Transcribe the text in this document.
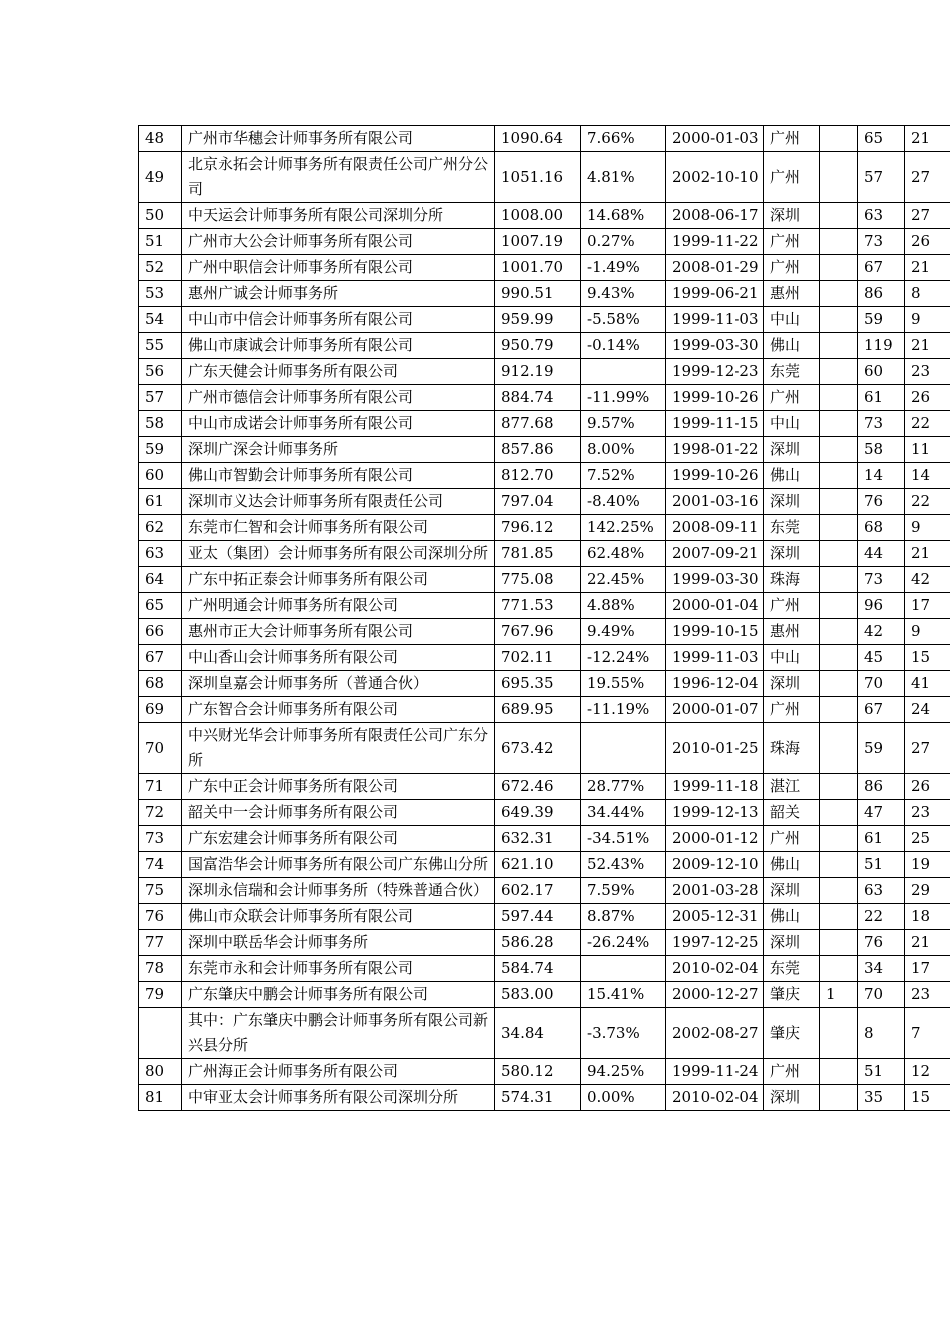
48	广州市华穗会计师事务所有限公司	1090.64	7.66%	2000-01-03	广州		65	21
49	北京永拓会计师事务所有限责任公司广州分公司	1051.16	4.81%	2002-10-10	广州		57	27
50	中天运会计师事务所有限公司深圳分所	1008.00	14.68%	2008-06-17	深圳		63	27
51	广州市大公会计师事务所有限公司	1007.19	0.27%	1999-11-22	广州		73	26
52	广州中职信会计师事务所有限公司	1001.70	-1.49%	2008-01-29	广州		67	21
53	惠州广诚会计师事务所	990.51	9.43%	1999-06-21	惠州		86	8
54	中山市中信会计师事务所有限公司	959.99	-5.58%	1999-11-03	中山		59	9
55	佛山市康诚会计师事务所有限公司	950.79	-0.14%	1999-03-30	佛山		119	21
56	广东天健会计师事务所有限公司	912.19		1999-12-23	东莞		60	23
57	广州市德信会计师事务所有限公司	884.74	-11.99%	1999-10-26	广州		61	26
58	中山市成诺会计师事务所有限公司	877.68	9.57%	1999-11-15	中山		73	22
59	深圳广深会计师事务所	857.86	8.00%	1998-01-22	深圳		58	11
60	佛山市智勤会计师事务所有限公司	812.70	7.52%	1999-10-26	佛山		14	14
61	深圳市义达会计师事务所有限责任公司	797.04	-8.40%	2001-03-16	深圳		76	22
62	东莞市仁智和会计师事务所有限公司	796.12	142.25%	2008-09-11	东莞		68	9
63	亚太（集团）会计师事务所有限公司深圳分所	781.85	62.48%	2007-09-21	深圳		44	21
64	广东中拓正泰会计师事务所有限公司	775.08	22.45%	1999-03-30	珠海		73	42
65	广州明通会计师事务所有限公司	771.53	4.88%	2000-01-04	广州		96	17
66	惠州市正大会计师事务所有限公司	767.96	9.49%	1999-10-15	惠州		42	9
67	中山香山会计师事务所有限公司	702.11	-12.24%	1999-11-03	中山		45	15
68	深圳皇嘉会计师事务所（普通合伙）	695.35	19.55%	1996-12-04	深圳		70	41
69	广东智合会计师事务所有限公司	689.95	-11.19%	2000-01-07	广州		67	24
70	中兴财光华会计师事务所有限责任公司广东分所	673.42		2010-01-25	珠海		59	27
71	广东中正会计师事务所有限公司	672.46	28.77%	1999-11-18	湛江		86	26
72	韶关中一会计师事务所有限公司	649.39	34.44%	1999-12-13	韶关		47	23
73	广东宏建会计师事务所有限公司	632.31	-34.51%	2000-01-12	广州		61	25
74	国富浩华会计师事务所有限公司广东佛山分所	621.10	52.43%	2009-12-10	佛山		51	19
75	深圳永信瑞和会计师事务所（特殊普通合伙）	602.17	7.59%	2001-03-28	深圳		63	29
76	佛山市众联会计师事务所有限公司	597.44	8.87%	2005-12-31	佛山		22	18
77	深圳中联岳华会计师事务所	586.28	-26.24%	1997-12-25	深圳		76	21
78	东莞市永和会计师事务所有限公司	584.74		2010-02-04	东莞		34	17
79	广东肇庆中鹏会计师事务所有限公司	583.00	15.41%	2000-12-27	肇庆	1	70	23
	其中：广东肇庆中鹏会计师事务所有限公司新兴县分所	34.84	-3.73%	2002-08-27	肇庆		8	7
80	广州海正会计师事务所有限公司	580.12	94.25%	1999-11-24	广州		51	12
81	中审亚太会计师事务所有限公司深圳分所	574.31	0.00%	2010-02-04	深圳		35	15
